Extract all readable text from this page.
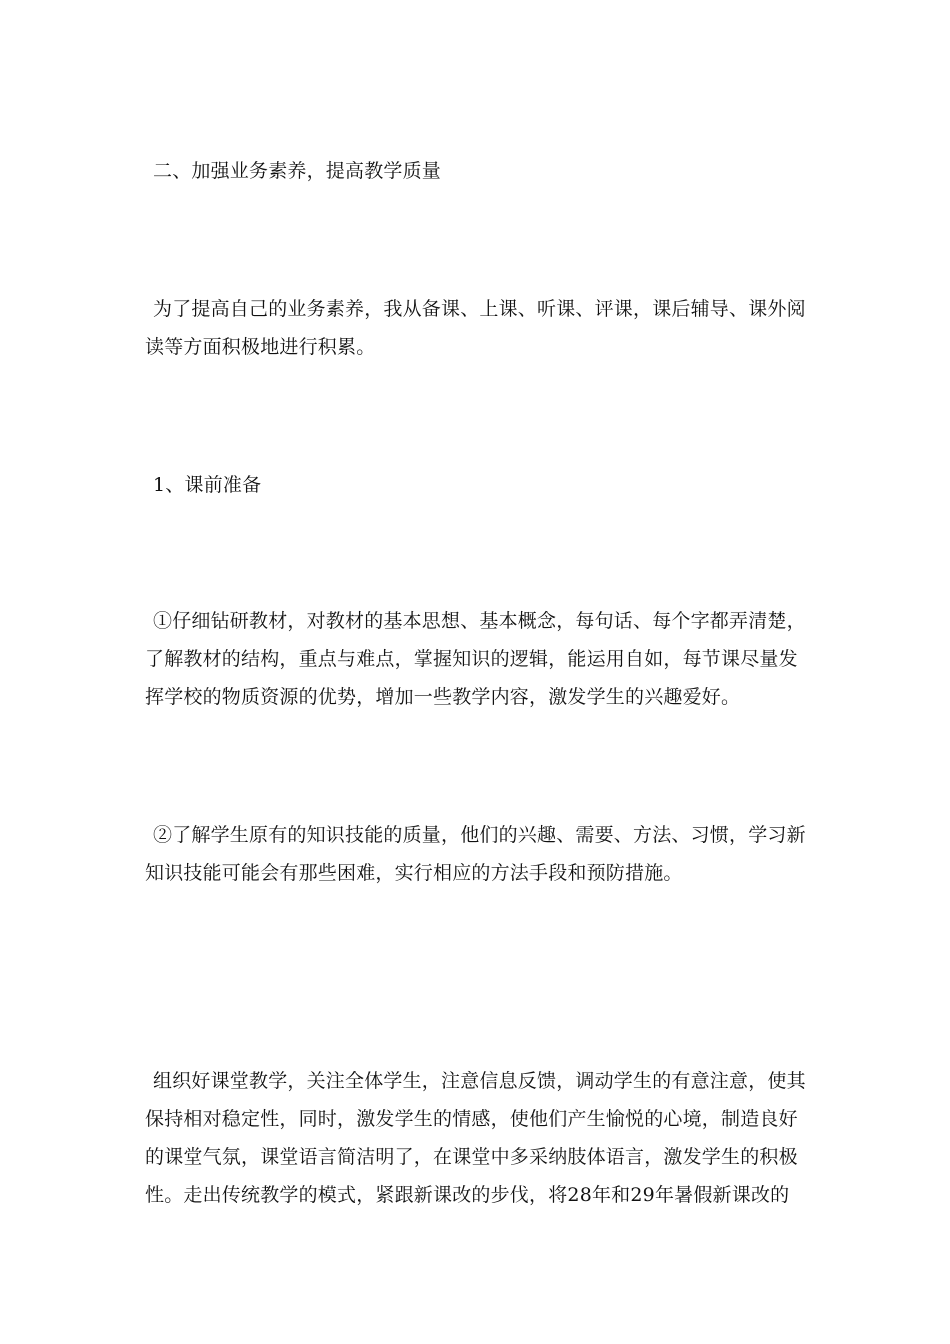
二、加强业务素养，提高教学质量

为了提高自己的业务素养，我从备课、上课、听课、评课，课后辅导、课外阅读等方面积极地进行积累。

1、课前准备

①仔细钻研教材，对教材的基本思想、基本概念，每句话、每个字都弄清楚，了解教材的结构，重点与难点，掌握知识的逻辑，能运用自如，每节课尽量发挥学校的物质资源的优势，增加一些教学内容，激发学生的兴趣爱好。

②了解学生原有的知识技能的质量，他们的兴趣、需要、方法、习惯，学习新知识技能可能会有那些困难，实行相应的方法手段和预防措施。

组织好课堂教学，关注全体学生，注意信息反馈，调动学生的有意注意，使其保持相对稳定性，同时，激发学生的情感，使他们产生愉悦的心境，制造良好的课堂气氛，课堂语言简洁明了，在课堂中多采纳肢体语言，激发学生的积极性。走出传统教学的模式，紧跟新课改的步伐，将28年和29年暑假新课改的
